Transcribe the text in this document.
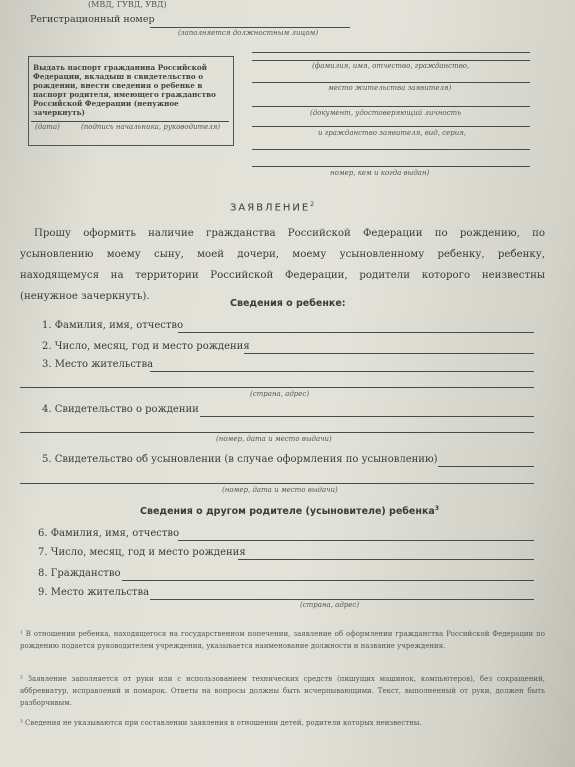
(МВД, ГУВД, УВД)
Регистрационный номер
(заполняется должностным лицом)
Выдать паспорт гражданина Российской Федерации, вкладыш в свидетельство о рождении, внести сведения о ребенке в паспорт родителя, имеющего гражданство Российской Федерации (ненужное зачеркнуть)
(дата)	(подпись начальника, руководителя)
(фамилия, имя, отчество, гражданство,
место жительства заявителя)
(документ, удостоверяющий личность
и гражданство заявителя, вид, серия,
номер, кем и когда выдан)
ЗАЯВЛЕНИЕ$^2$
Прошу оформить наличие гражданства Российской Федерации по рождению, по усыновлению моему сыну, моей дочери, моему усыновленному ребенку, ребенку, находящемуся на территории Российской Федерации, родители которого неизвестны (ненужное зачеркнуть).
Сведения о ребенке:
1. Фамилия, имя, отчество
2. Число, месяц, год и место рождения
3. Место жительства
(страна, адрес)
4. Свидетельство о рождении
(номер, дата и место выдачи)
5. Свидетельство об усыновлении (в случае оформления по усыновлению)
(номер, дата и место выдачи)
Сведения о другом родителе (усыновителе) ребенка$^3$
6. Фамилия, имя, отчество
7. Число, месяц, год и место рождения
8. Гражданство
9. Место жительства
(страна, адрес)
¹ В отношении ребенка, находящегося на государственном попечении, заявление об оформлении гражданства Российской Федерации по рождению подается руководителем учреждения, указывается наименование должности и название учреждения.
² Заявление заполняется от руки или с использованием технических средств (пишущих машинок, компьютеров), без сокращений, аббревиатур, исправлений и помарок. Ответы на вопросы должны быть исчерпывающими. Текст, выполненный от руки, должен быть разборчивым.
³ Сведения не указываются при составлении заявления в отношении детей, родители которых неизвестны.
